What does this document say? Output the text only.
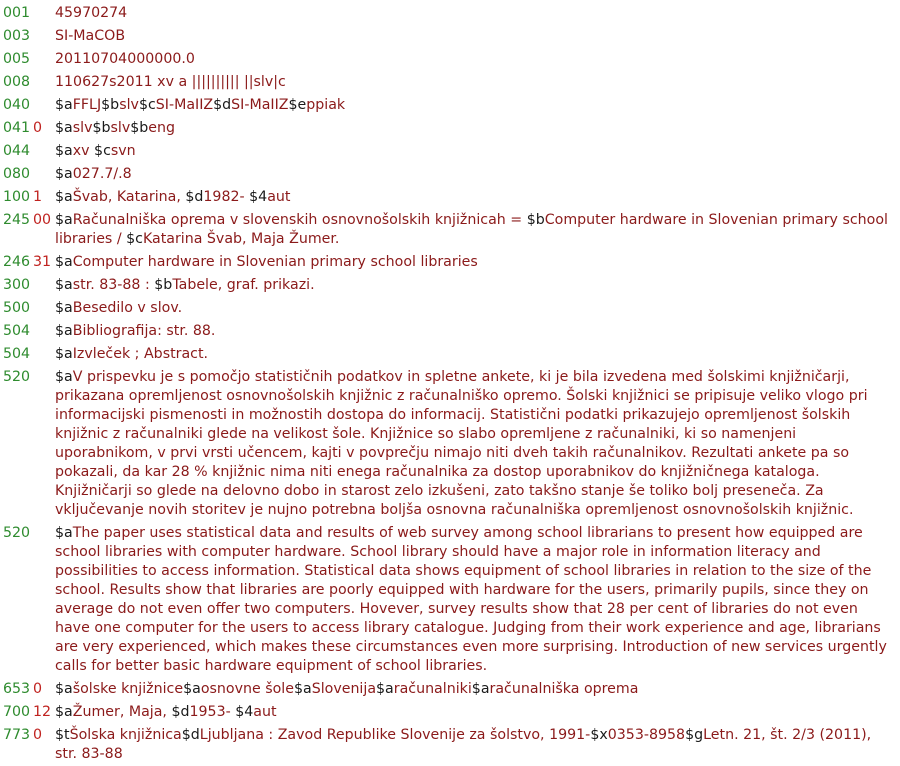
001 45970274
003 SI-MaCOB
005 20110704000000.0
008 110627s2011 xv a |||||||||| ||slv|c
040 $aFFLJ$bslv$cSI-MaIIZ$dSI-MaIIZ$eppiak
041 0 $aslv$bslv$beng
044 $axv $csvn
080 $a027.7/.8
100 1 $aŠvab, Katarina, $d1982- $4aut
245 00 $aRačunalniška oprema v slovenskih osnovnošolskih knjižnicah = $bComputer hardware in Slovenian primary school libraries / $cKatarina Švab, Maja Žumer.
246 31 $aComputer hardware in Slovenian primary school libraries
300 $astr. 83-88 : $bTabele, graf. prikazi.
500 $aBesedilo v slov.
504 $aBibliografija: str. 88.
504 $aIzvleček ; Abstract.
520 $aV prispevku je s pomočjo statističnih podatkov in spletne ankete, ki je bila izvedena med šolskimi knjižničarji, prikazana opremljenost osnovnošolskih knjižnic z računalniško opremo. Šolski knjižnici se pripisuje veliko vlogo pri informacijski pismenosti in možnostih dostopa do informacij. Statistični podatki prikazujejo opremljenost šolskih knjižnic z računalniki glede na velikost šole. Knjižnice so slabo opremljene z računalniki, ki so namenjeni uporabnikom, v prvi vrsti učencem, kajti v povprečju nimajo niti dveh takih računalnikov. Rezultati ankete pa so pokazali, da kar 28 % knjižnic nima niti enega računalnika za dostop uporabnikov do knjižničnega kataloga. Knjižničarji so glede na delovno dobo in starost zelo izkušeni, zato takšno stanje še toliko bolj preseneča. Za vključevanje novih storitev je nujno potrebna boljša osnovna računalniška opremljenost osnovnošolskih knjižnic.
520 $aThe paper uses statistical data and results of web survey among school librarians to present how equipped are school libraries with computer hardware. School library should have a major role in information literacy and possibilities to access information. Statistical data shows equipment of school libraries in relation to the size of the school. Results show that libraries are poorly equipped with hardware for the users, primarily pupils, since they on average do not even offer two computers. Hovever, survey results show that 28 per cent of libraries do not even have one computer for the users to access library catalogue. Judging from their work experience and age, librarians are very experienced, which makes these circumstances even more surprising. Introduction of new services urgently calls for better basic hardware equipment of school libraries.
653 0 $ašolske knjižnice$aosnovne šole$aSlovenija$aračunalniki$aračunalniška oprema
700 12 $aŽumer, Maja, $d1953- $4aut
773 0 $tŠolska knjižnica$dLjubljana : Zavod Republike Slovenije za šolstvo, 1991-$x0353-8958$gLetn. 21, št. 2/3 (2011), str. 83-88
